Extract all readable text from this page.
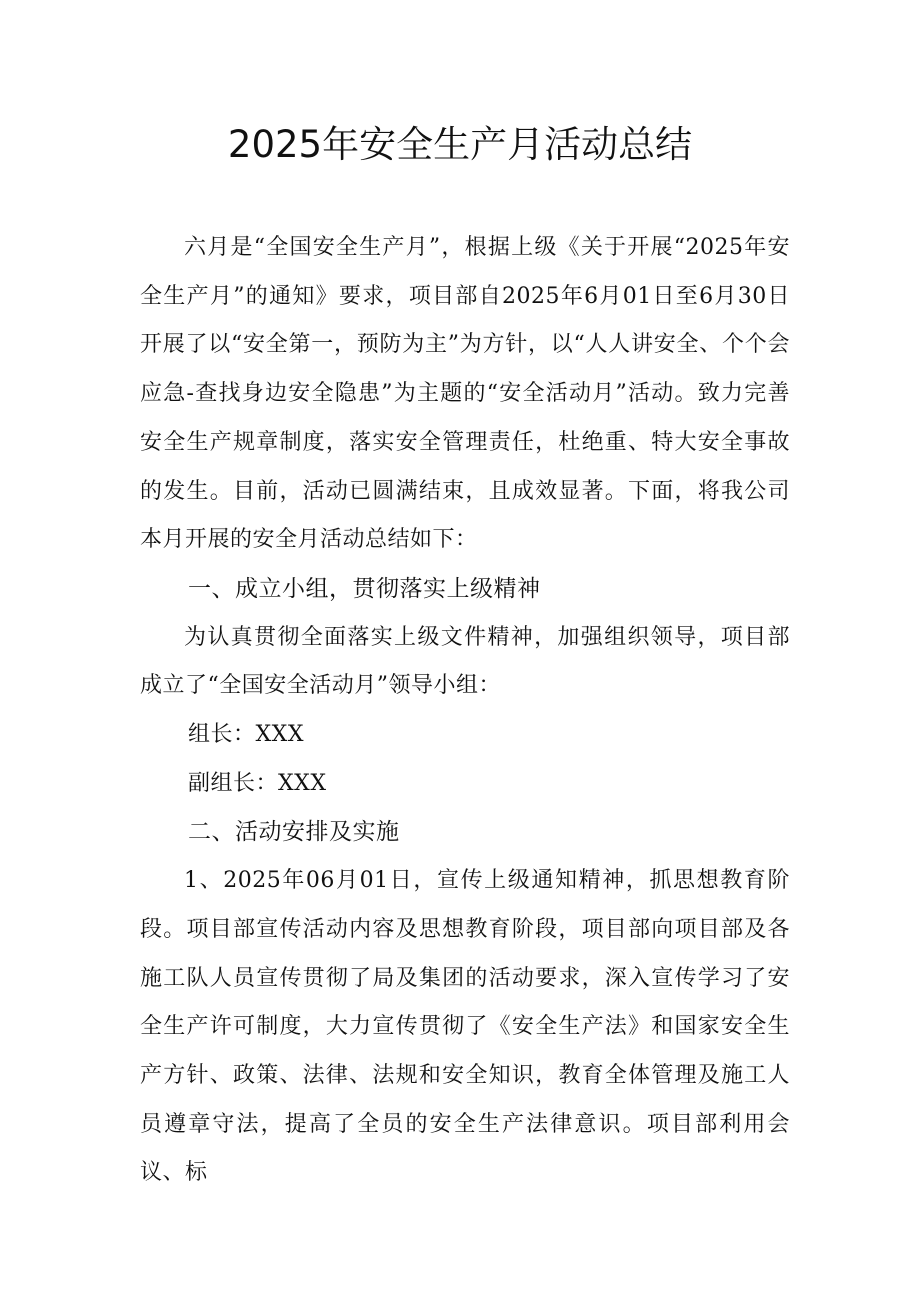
2025年安全生产月活动总结

六月是“全国安全生产月”，根据上级《关于开展“2025年安全生产月”的通知》要求，项目部自2025年6月01日至6月30日开展了以“安全第一，预防为主”为方针，以“人人讲安全、个个会应急-查找身边安全隐患”为主题的“安全活动月”活动。致力完善安全生产规章制度，落实安全管理责任，杜绝重、特大安全事故的发生。目前，活动已圆满结束，且成效显著。下面，将我公司本月开展的安全月活动总结如下：

一、成立小组，贯彻落实上级精神

为认真贯彻全面落实上级文件精神，加强组织领导，项目部成立了“全国安全活动月”领导小组：

组长：XXX

副组长：XXX

二、活动安排及实施

1、2025年06月01日，宣传上级通知精神，抓思想教育阶段。项目部宣传活动内容及思想教育阶段，项目部向项目部及各施工队人员宣传贯彻了局及集团的活动要求，深入宣传学习了安全生产许可制度，大力宣传贯彻了《安全生产法》和国家安全生产方针、政策、法律、法规和安全知识，教育全体管理及施工人员遵章守法，提高了全员的安全生产法律意识。项目部利用会议、标
